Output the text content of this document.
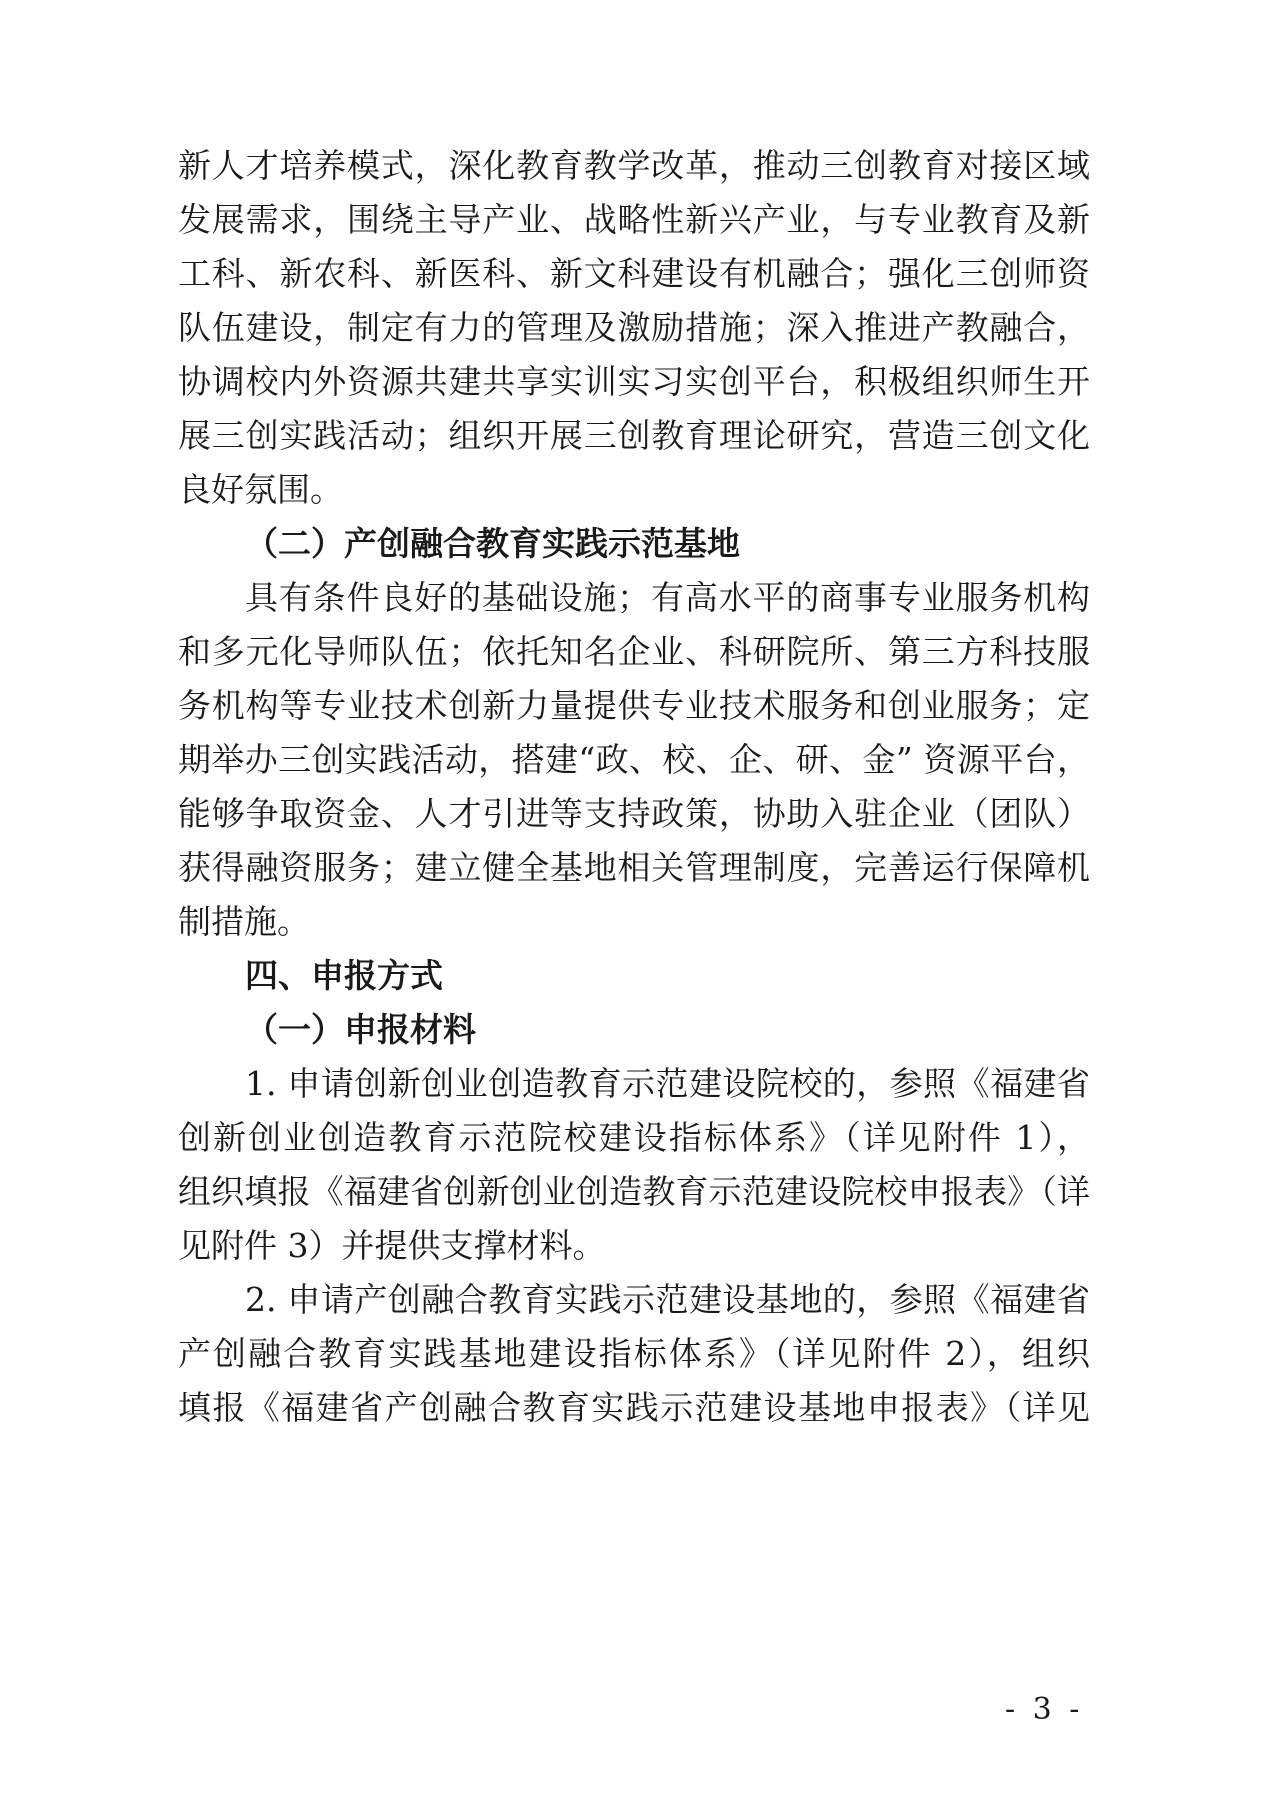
新人才培养模式，深化教育教学改革，推动三创教育对接区域
发展需求，围绕主导产业、战略性新兴产业，与专业教育及新
工科、新农科、新医科、新文科建设有机融合；强化三创师资
队伍建设，制定有力的管理及激励措施；深入推进产教融合，
协调校内外资源共建共享实训实习实创平台，积极组织师生开
展三创实践活动；组织开展三创教育理论研究，营造三创文化
良好氛围。
（二）产创融合教育实践示范基地
具有条件良好的基础设施；有高水平的商事专业服务机构
和多元化导师队伍；依托知名企业、科研院所、第三方科技服
务机构等专业技术创新力量提供专业技术服务和创业服务；定
期举办三创实践活动，搭建“政、校、企、研、金” 资源平台，
能够争取资金、人才引进等支持政策，协助入驻企业（团队）
获得融资服务；建立健全基地相关管理制度，完善运行保障机
制措施。
四、申报方式
（一）申报材料
1. 申请创新创业创造教育示范建设院校的，参照《福建省
创新创业创造教育示范院校建设指标体系》（详见附件 1），
组织填报《福建省创新创业创造教育示范建设院校申报表》（详
见附件 3）并提供支撑材料。
2. 申请产创融合教育实践示范建设基地的，参照《福建省
产创融合教育实践基地建设指标体系》（详见附件 2），组织
填报《福建省产创融合教育实践示范建设基地申报表》（详见
- 3 -
